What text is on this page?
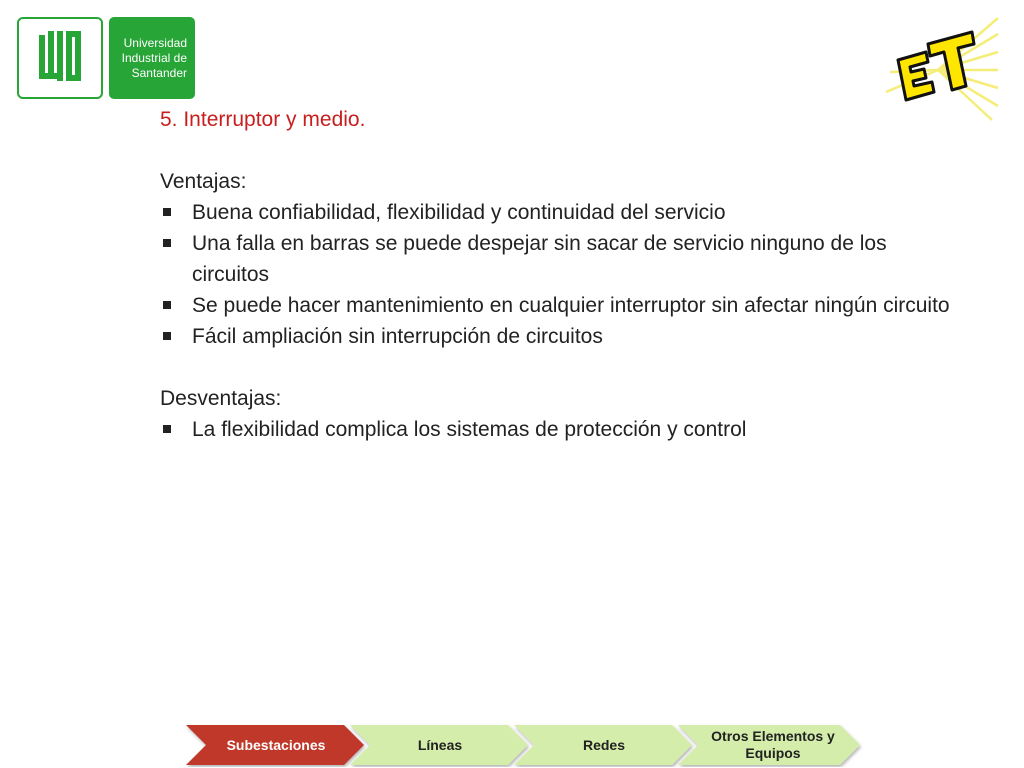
Universidad
Industrial de
Santander

5. Interruptor y medio.

Ventajas:

Buena confiabilidad, flexibilidad y continuidad del servicio
Una falla en barras se puede despejar sin sacar de servicio ninguno de los circuitos
Se puede hacer mantenimiento en cualquier interruptor sin afectar ningún circuito
Fácil ampliación sin interrupción de circuitos

Desventajas:

La flexibilidad complica los sistemas de protección y control
Subestaciones	Líneas	Redes
Otros Elementos y Equipos
